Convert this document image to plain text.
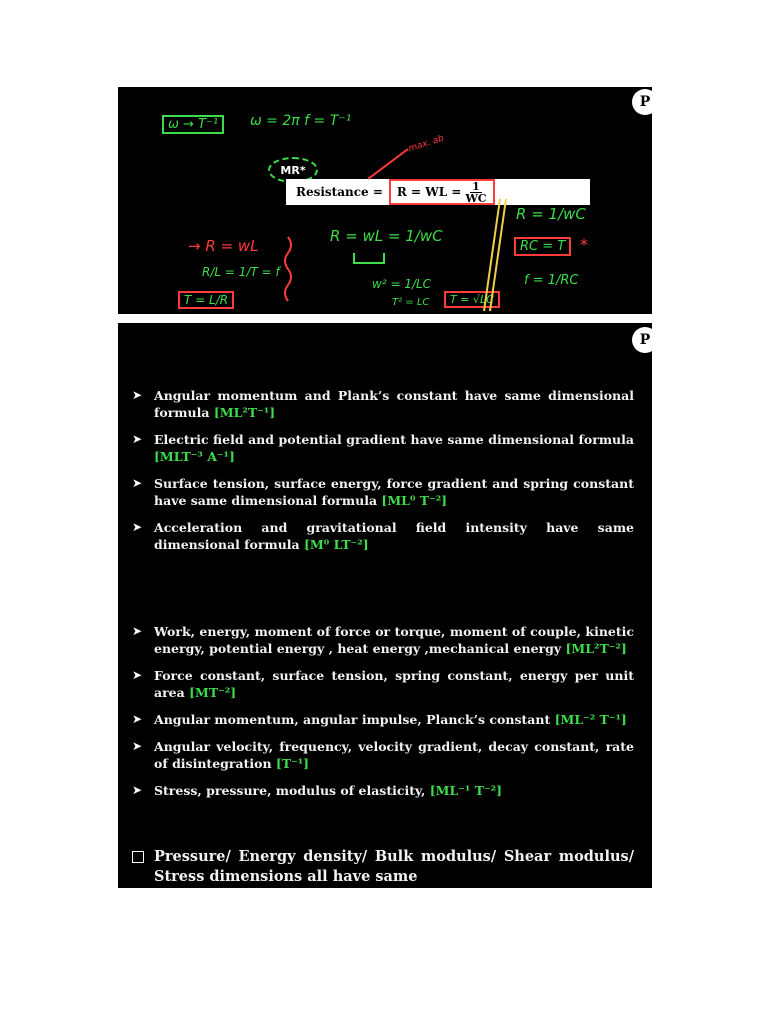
P
ω → T⁻¹	ω = 2π f = T⁻¹
max. ab
MR*
Resistance = R = WL = $\frac{1}{WC}$
→ R = wL
R/L = 1/T = f
T = L/R
R = wL = 1/wC
w² = 1/LC
T² = LC	T = √LC
R = 1/wC
RC = T *
f = 1/RC
P
➤ Angular momentum and Plank’s constant have same dimensional formula [ML²T⁻¹]
➤ Electric field and potential gradient have same dimensional formula [MLT⁻³ A⁻¹]
➤ Surface tension, surface energy, force gradient and spring constant have same dimensional formula [ML⁰ T⁻²]
➤ Acceleration and gravitational field intensity have same dimensional formula [M⁰ LT⁻²]
➤ Work, energy, moment of force or torque, moment of couple, kinetic energy, potential energy , heat energy ,mechanical energy [ML²T⁻²]
➤ Force constant, surface tension, spring constant, energy per unit area [MT⁻²]
➤ Angular momentum, angular impulse, Planck’s constant [ML⁻² T⁻¹]
➤ Angular velocity, frequency, velocity gradient, decay constant, rate of disintegration [T⁻¹]
➤ Stress, pressure, modulus of elasticity, [ML⁻¹ T⁻²]
Pressure/ Energy density/ Bulk modulus/ Shear modulus/ Stress dimensions all have same
